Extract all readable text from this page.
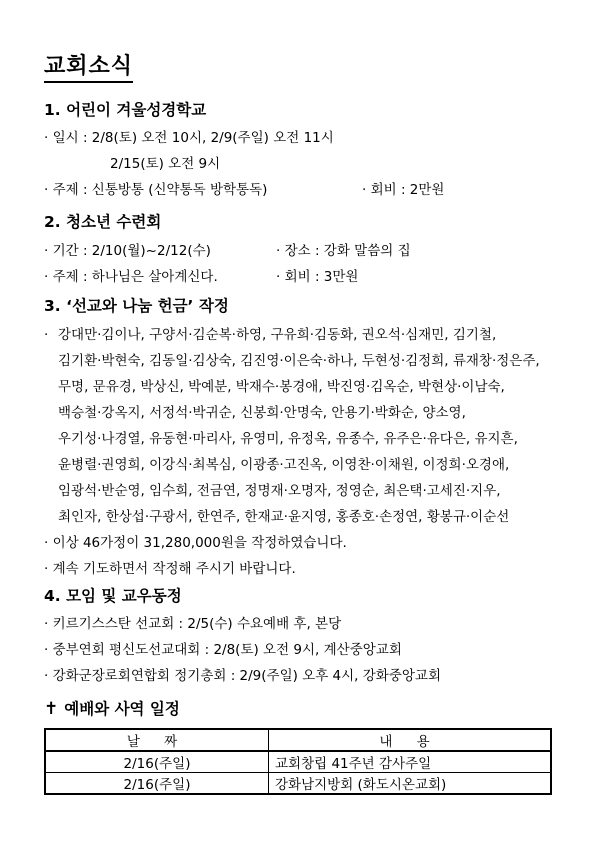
교회소식
1. 어린이 겨울성경학교

· 일시 : 2/8(토) 오전 10시, 2/9(주일) 오전 11시

2/15(토) 오전 9시

· 주제 : 신통방통 (신약통독 방학통독)	· 회비 : 2만원

2. 청소년 수련회

· 기간 : 2/10(월)~2/12(수)	· 장소 : 강화 말씀의 집

· 주제 : 하나님은 살아계신다.	· 회비 : 3만원

3. ‘선교와 나눔 헌금’ 작정

· 강대만·김이나, 구양서·김순복·하영, 구유희·김동화, 권오석·심재민, 김기철,

김기환·박현숙, 김동일·김상숙, 김진영·이은숙·하나, 두현성·김정희, 류재창·정은주,

무명, 문유경, 박상신, 박예분, 박재수·봉경애, 박진영·김옥순, 박현상·이남숙,

백승철·강옥지, 서정석·박귀순, 신봉희·안명숙, 안용기·박화순, 양소영,

우기성·나경열, 유동현·마리사, 유영미, 유정옥, 유종수, 유주은·유다은, 유지흔,

윤병렬·권영희, 이강식·최복심, 이광종·고진옥, 이영찬·이채원, 이정희·오경애,

임광석·반순영, 임수희, 전금연, 정명재·오명자, 정영순, 최은택·고세진·지우,

최인자, 한상섭·구광서, 한연주, 한재교·윤지영, 홍종호·손정연, 황봉규·이순선

· 이상 46가정이 31,280,000원을 작정하였습니다.

· 계속 기도하면서 작정해 주시기 바랍니다.

4. 모임 및 교우동정

· 키르기스스탄 선교회 : 2/5(수) 수요예배 후, 본당

· 중부연회 평신도선교대회 : 2/8(토) 오전 9시, 계산중앙교회

· 강화군장로회연합회 정기총회 : 2/9(주일) 오후 4시, 강화중앙교회

✝ 예배와 사역 일정
날 짜	내 용
2/16(주일)	교회창립 41주년 감사주일
2/16(주일)	강화남지방회 (화도시온교회)
